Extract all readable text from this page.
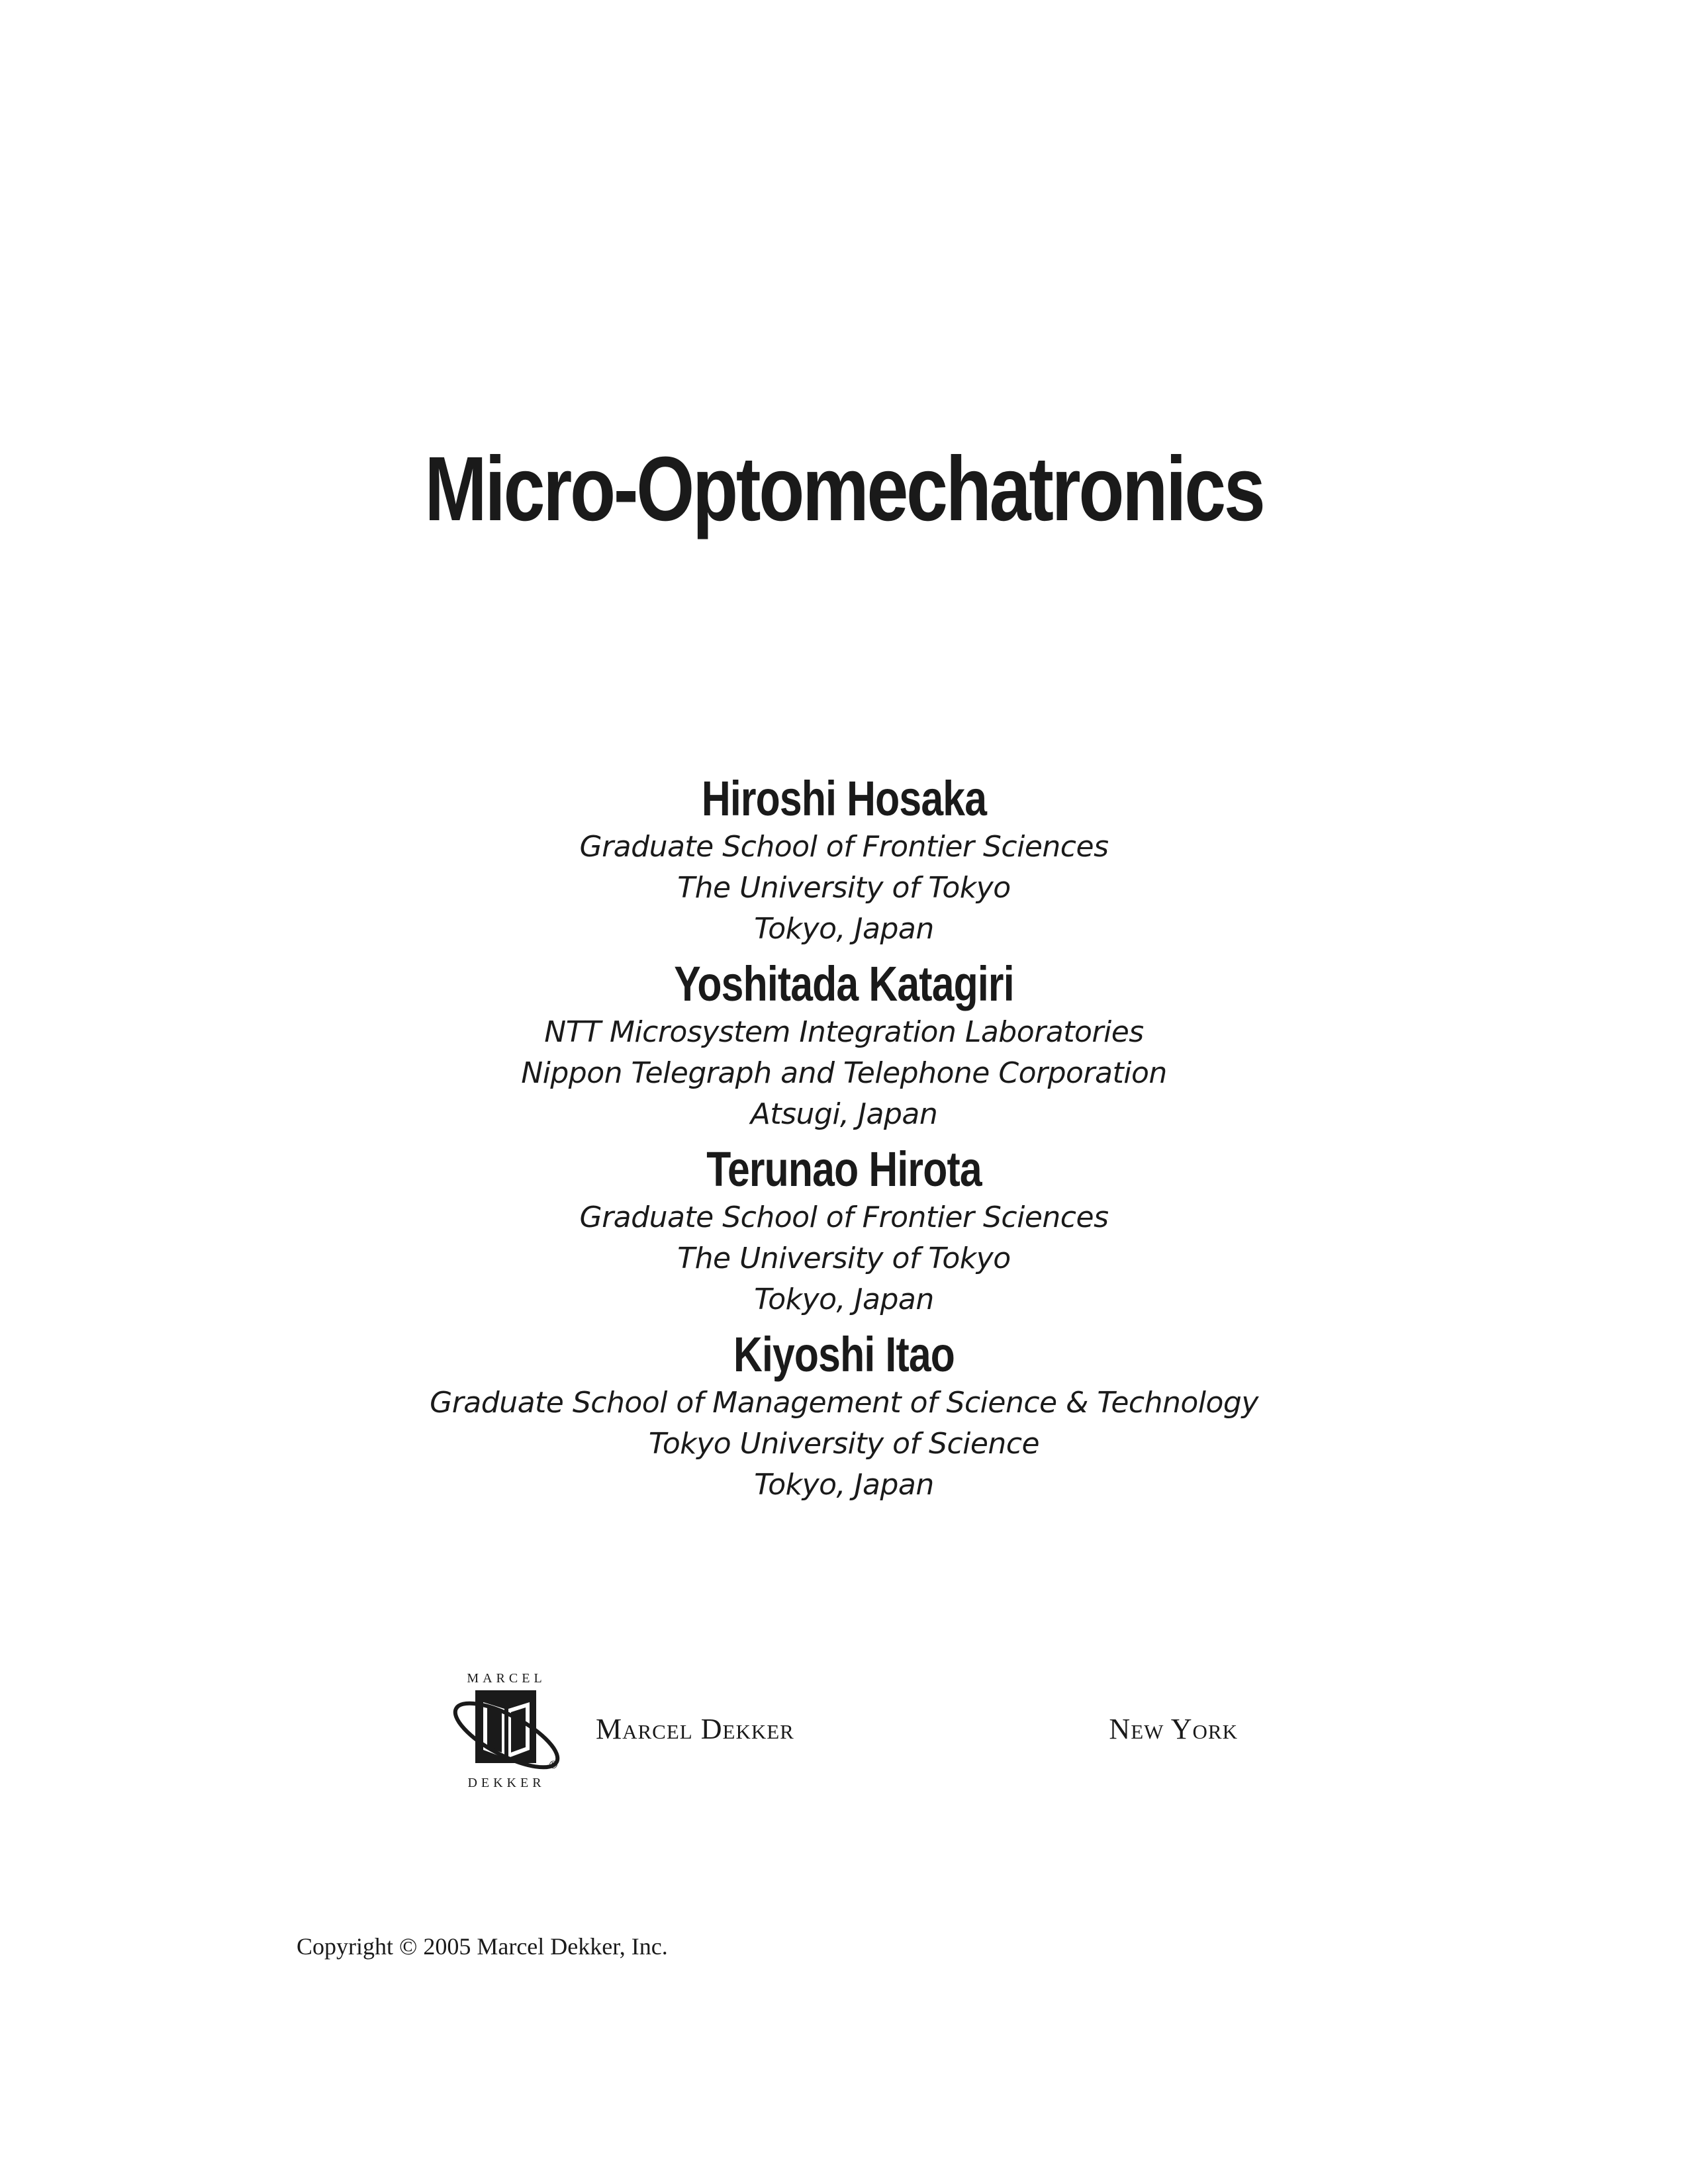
Micro-Optomechatronics
Hiroshi Hosaka
Graduate School of Frontier Sciences
The University of Tokyo
Tokyo, Japan
Yoshitada Katagiri
NTT Microsystem Integration Laboratories
Nippon Telegraph and Telephone Corporation
Atsugi, Japan
Terunao Hirota
Graduate School of Frontier Sciences
The University of Tokyo
Tokyo, Japan
Kiyoshi Itao
Graduate School of Management of Science & Technology
Tokyo University of Science
Tokyo, Japan
MARCEL
®
DEKKER
Marcel Dekker	New York
Copyright © 2005 Marcel Dekker, Inc.
